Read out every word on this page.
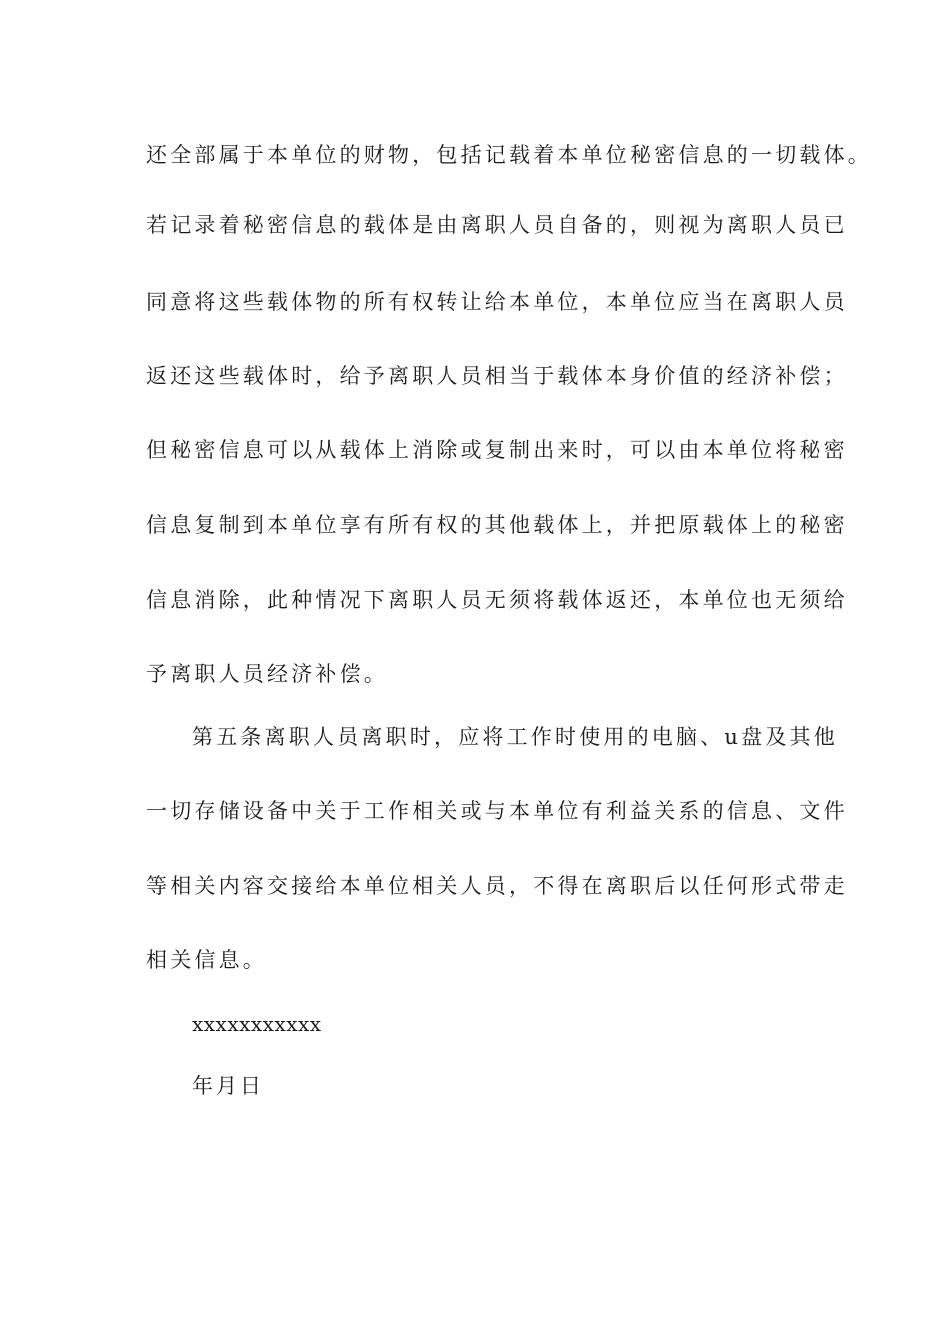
还全部属于本单位的财物，包括记载着本单位秘密信息的一切载体。
若记录着秘密信息的载体是由离职人员自备的，则视为离职人员已
同意将这些载体物的所有权转让给本单位，本单位应当在离职人员
返还这些载体时，给予离职人员相当于载体本身价值的经济补偿；
但秘密信息可以从载体上消除或复制出来时，可以由本单位将秘密
信息复制到本单位享有所有权的其他载体上，并把原载体上的秘密
信息消除，此种情况下离职人员无须将载体返还，本单位也无须给
予离职人员经济补偿。
第五条离职人员离职时，应将工作时使用的电脑、u盘及其他
一切存储设备中关于工作相关或与本单位有利益关系的信息、文件
等相关内容交接给本单位相关人员，不得在离职后以任何形式带走
相关信息。
xxxxxxxxxxx
年月日
